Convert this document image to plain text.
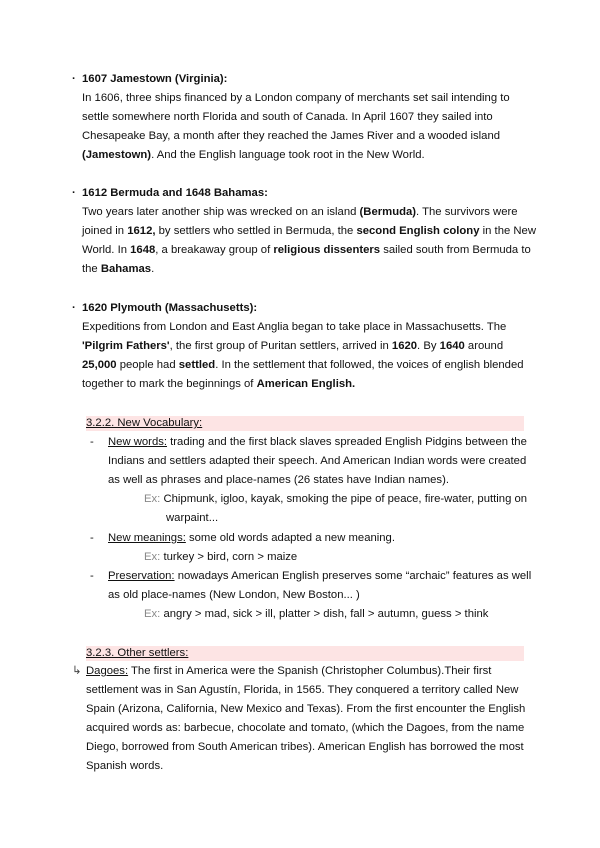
· 1607 Jamestown (Virginia):
In 1606, three ships financed by a London company of merchants set sail intending to
settle somewhere north Florida and south of Canada. In April 1607 they sailed into
Chesapeake Bay, a month after they reached the James River and a wooded island
(Jamestown). And the English language took root in the New World.
· 1612 Bermuda and 1648 Bahamas:
Two years later another ship was wrecked on an island (Bermuda). The survivors were
joined in 1612, by settlers who settled in Bermuda, the second English colony in the New
World. In 1648, a breakaway group of religious dissenters sailed south from Bermuda to
the Bahamas.
· 1620 Plymouth (Massachusetts):
Expeditions from London and East Anglia began to take place in Massachusetts. The
'Pilgrim Fathers', the first group of Puritan settlers, arrived in 1620. By 1640 around
25,000 people had settled. In the settlement that followed, the voices of english blended
together to mark the beginnings of American English.
3.2.2. New Vocabulary:
- New words: trading and the first black slaves spreaded English Pidgins between the
Indians and settlers adapted their speech. And American Indian words were created
as well as phrases and place-names (26 states have Indian names).
Ex: Chipmunk, igloo, kayak, smoking the pipe of peace, fire-water, putting on
warpaint...
- New meanings: some old words adapted a new meaning.
Ex: turkey > bird, corn > maize
- Preservation: nowadays American English preserves some “archaic” features as well
as old place-names (New London, New Boston... )
Ex: angry > mad, sick > ill, platter > dish, fall > autumn, guess > think
3.2.3. Other settlers:
↳ Dagoes: The first in America were the Spanish (Christopher Columbus).Their first
settlement was in San Agustín, Florida, in 1565. They conquered a territory called New
Spain (Arizona, California, New Mexico and Texas). From the first encounter the English
acquired words as: barbecue, chocolate and tomato, (which the Dagoes, from the name
Diego, borrowed from South American tribes). American English has borrowed the most
Spanish words.
